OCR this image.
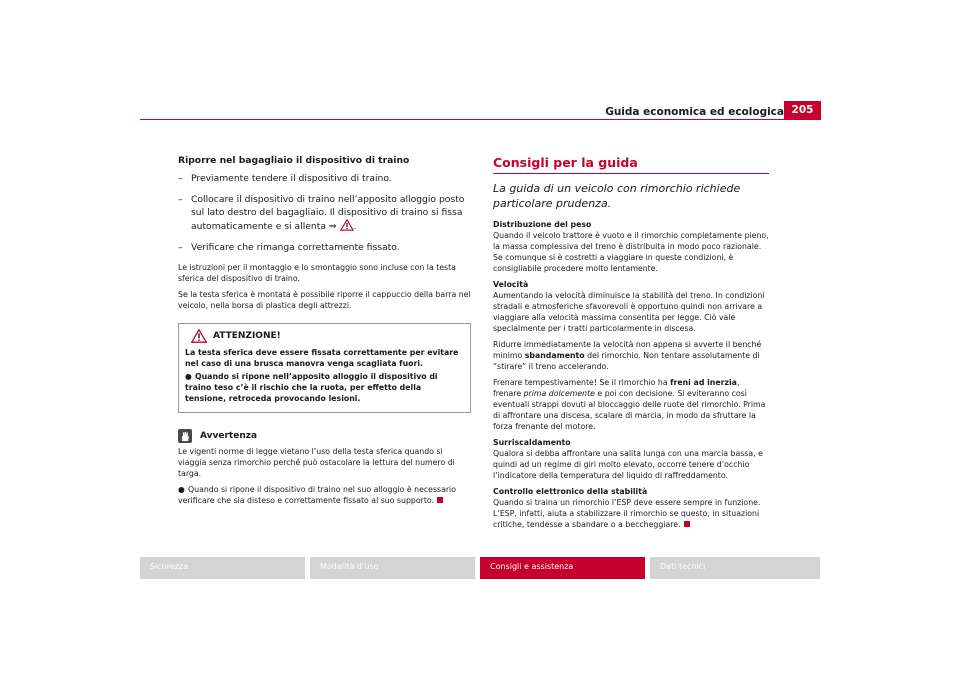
Guida economica ed ecologica 205
Riporre nel bagagliaio il dispositivo di traino
– Previamente tendere il dispositivo di traino.
– Collocare il dispositivo di traino nell’apposito alloggio posto sul lato destro del bagagliaio. Il dispositivo di traino si fissa automaticamente e si allenta ⇒ .
– Verificare che rimanga correttamente fissato.

Le istruzioni per il montaggio e lo smontaggio sono incluse con la testa sferica del dispositivo di traino.

Se la testa sferica è montata è possibile riporre il cappuccio della barra nel veicolo, nella borsa di plastica degli attrezzi.

ATTENZIONE!

La testa sferica deve essere fissata correttamente per evitare nel caso di una brusca manovra venga scagliata fuori.

● Quando si ripone nell’apposito alloggio il dispositivo di traino teso c’è il rischio che la ruota, per effetto della tensione, retroceda provocando lesioni.

Avvertenza

Le vigenti norme di legge vietano l’uso della testa sferica quando si viaggia senza rimorchio perché può ostacolare la lettura del numero di targa.

● Quando si ripone il dispositivo di traino nel suo alloggio è necessario verificare che sia disteso e correttamente fissato al suo supporto.

Consigli per la guida
La guida di un veicolo con rimorchio richiede particolare prudenza.
Distribuzione del peso

Quando il veicolo trattore è vuoto e il rimorchio completamente pieno, la massa complessiva del treno è distribuita in modo poco razionale. Se comunque si è costretti a viaggiare in queste condizioni, è consigliabile procedere molto lentamente.

Velocità

Aumentando la velocità diminuisce la stabilità del treno. In condizioni stradali e atmosferiche sfavorevoli è opportuno quindi non arrivare a viaggiare alla velocità massima consentita per legge. Ciò vale specialmente per i tratti particolarmente in discesa.

Ridurre immediatamente la velocità non appena si avverte il benché minimo sbandamento del rimorchio. Non tentare assolutamente di “stirare” il treno accelerando.

Frenare tempestivamente! Se il rimorchio ha freni ad inerzia, frenare prima dolcemente e poi con decisione. Si eviteranno così eventuali strappi dovuti al bloccaggio delle ruote del rimorchio. Prima di affrontare una discesa, scalare di marcia, in modo da sfruttare la forza frenante del motore.

Surriscaldamento

Qualora si debba affrontare una salita lunga con una marcia bassa, e quindi ad un regime di giri molto elevato, occorre tenere d’occhio l’indicatore della temperatura del liquido di raffreddamento.

Controllo elettronico della stabilità

Quando si traina un rimorchio l’ESP deve essere sempre in funzione. L’ESP, infatti, aiuta a stabilizzare il rimorchio se questo, in situazioni critiche, tendesse a sbandare o a beccheggiare.

Sicurezza	Modalità d’uso	Consigli e assistenza	Dati tecnici
